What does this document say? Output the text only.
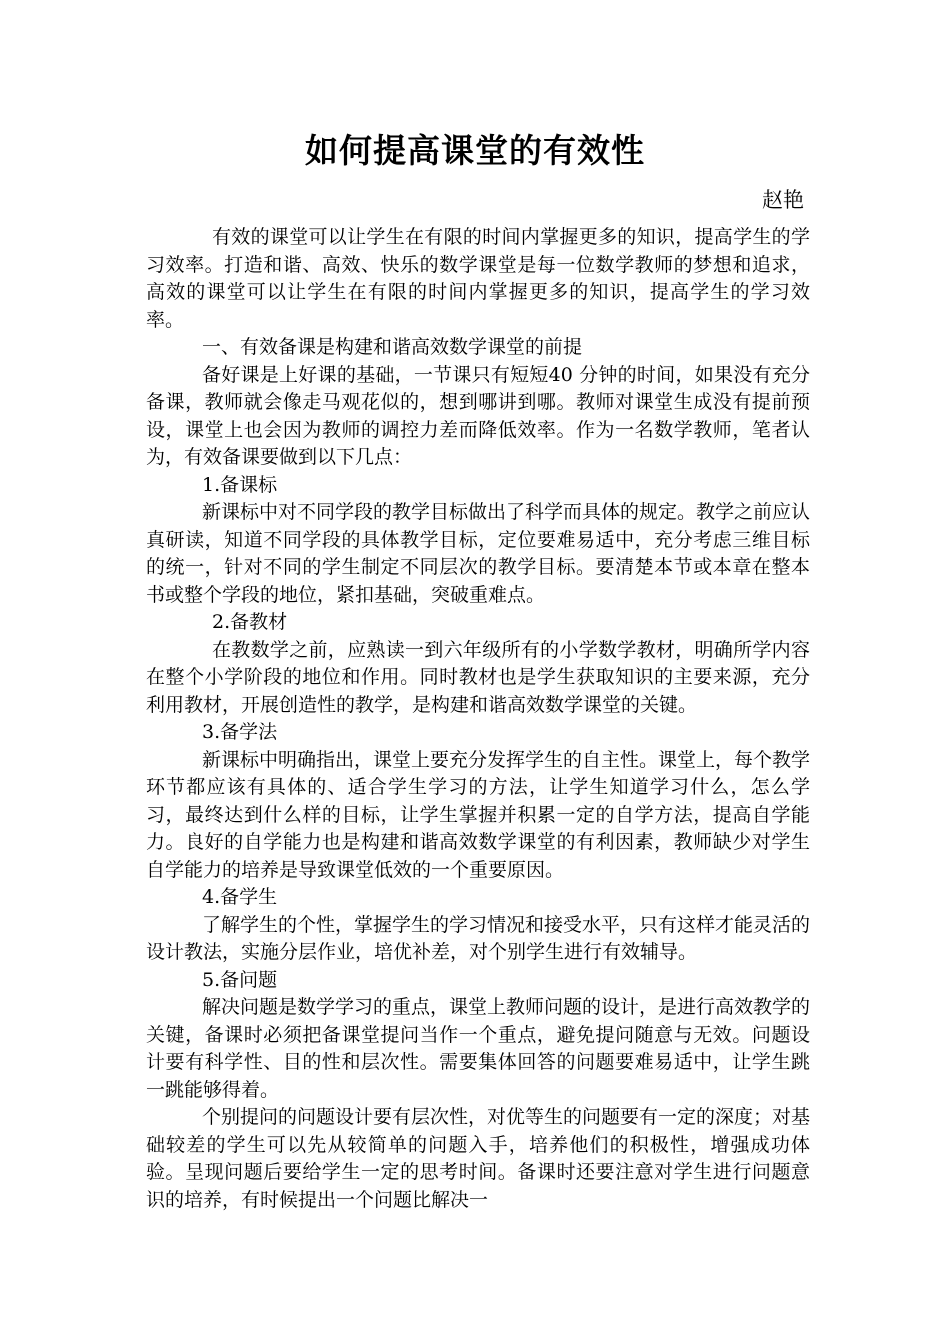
如何提高课堂的有效性
赵艳

有效的课堂可以让学生在有限的时间内掌握更多的知识，提高学生的学习效率。打造和谐、高效、快乐的数学课堂是每一位数学教师的梦想和追求，高效的课堂可以让学生在有限的时间内掌握更多的知识，提高学生的学习效率。

一、有效备课是构建和谐高效数学课堂的前提

备好课是上好课的基础，一节课只有短短40 分钟的时间，如果没有充分备课，教师就会像走马观花似的，想到哪讲到哪。教师对课堂生成没有提前预设，课堂上也会因为教师的调控力差而降低效率。作为一名数学教师，笔者认为，有效备课要做到以下几点：

1.备课标

新课标中对不同学段的教学目标做出了科学而具体的规定。教学之前应认真研读，知道不同学段的具体教学目标，定位要难易适中，充分考虑三维目标的统一，针对不同的学生制定不同层次的教学目标。要清楚本节或本章在整本书或整个学段的地位，紧扣基础，突破重难点。

2.备教材

在教数学之前，应熟读一到六年级所有的小学数学教材，明确所学内容在整个小学阶段的地位和作用。同时教材也是学生获取知识的主要来源，充分利用教材，开展创造性的教学，是构建和谐高效数学课堂的关键。

3.备学法

新课标中明确指出，课堂上要充分发挥学生的自主性。课堂上，每个教学环节都应该有具体的、适合学生学习的方法，让学生知道学习什么，怎么学习，最终达到什么样的目标，让学生掌握并积累一定的自学方法，提高自学能力。良好的自学能力也是构建和谐高效数学课堂的有利因素，教师缺少对学生自学能力的培养是导致课堂低效的一个重要原因。

4.备学生

了解学生的个性，掌握学生的学习情况和接受水平，只有这样才能灵活的设计教法，实施分层作业，培优补差，对个别学生进行有效辅导。

5.备问题

解决问题是数学学习的重点，课堂上教师问题的设计，是进行高效教学的关键，备课时必须把备课堂提问当作一个重点，避免提问随意与无效。问题设计要有科学性、目的性和层次性。需要集体回答的问题要难易适中，让学生跳一跳能够得着。

个别提问的问题设计要有层次性，对优等生的问题要有一定的深度；对基础较差的学生可以先从较简单的问题入手，培养他们的积极性，增强成功体验。呈现问题后要给学生一定的思考时间。备课时还要注意对学生进行问题意识的培养，有时候提出一个问题比解决一
